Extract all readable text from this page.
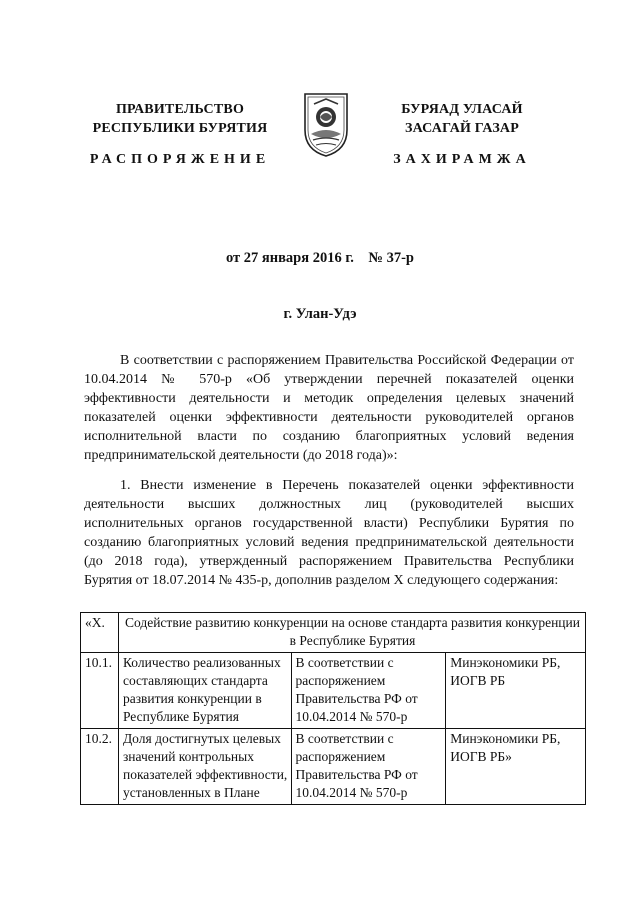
ПРАВИТЕЛЬСТВО
РЕСПУБЛИКИ БУРЯТИЯ
РАСПОРЯЖЕНИЕ
БУРЯАД УЛАСАЙ
ЗАСАГАЙ ГАЗАР
ЗАХИРАМЖА
от 27 января 2016 г.    № 37-р
г. Улан-Удэ

В соответствии с распоряжением Правительства Российской Федерации от 10.04.2014 № 570-р «Об утверждении перечней показателей оценки эффективности деятельности и методик определения целевых значений показателей оценки эффективности деятельности руководителей органов исполнительной власти по созданию благоприятных условий ведения предпринимательской деятельности (до 2018 года)»:

1. Внести изменение в Перечень показателей оценки эффективности деятельности высших должностных лиц (руководителей высших исполнительных органов государственной власти) Республики Бурятия по созданию благоприятных условий ведения предпринимательской деятельности (до 2018 года), утвержденный распоряжением Правительства Республики Бурятия от 18.07.2014 № 435-р, дополнив разделом X следующего содержания:

«X.	Содействие развитию конкуренции на основе стандарта развития конкуренции в Республике Бурятия		
10.1.	Количество реализованных составляющих стандарта развития конкуренции в Республике Бурятия	В соответствии с распоряжением Правительства РФ от 10.04.2014 № 570-р	Минэкономики РБ, ИОГВ РБ
10.2.	Доля достигнутых целевых значений контрольных показателей эффективности, установленных в Плане	В соответствии с распоряжением Правительства РФ от 10.04.2014 № 570-р	Минэкономики РБ, ИОГВ РБ»
